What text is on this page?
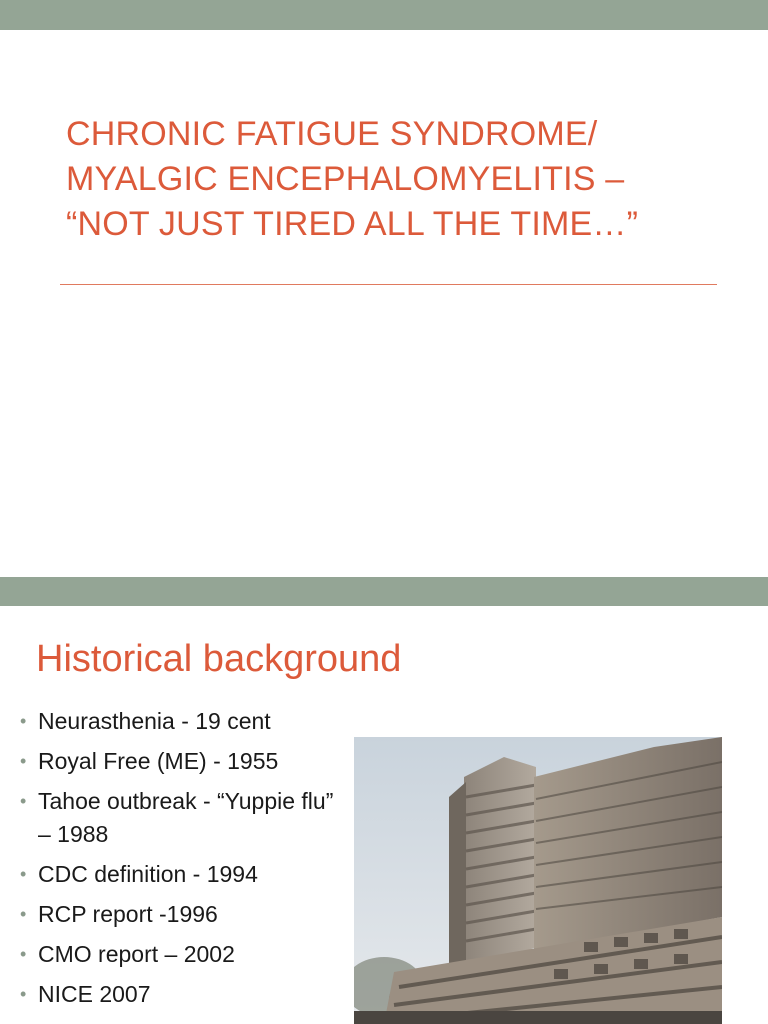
CHRONIC FATIGUE SYNDROME/
MYALGIC ENCEPHALOMYELITIS –
“NOT JUST TIRED ALL THE TIME…”
Historical background
• Neurasthenia - 19 cent
• Royal Free (ME) - 1955
• Tahoe outbreak - “Yuppie flu” – 1988
• CDC definition - 1994
• RCP report -1996
• CMO report – 2002
• NICE 2007
